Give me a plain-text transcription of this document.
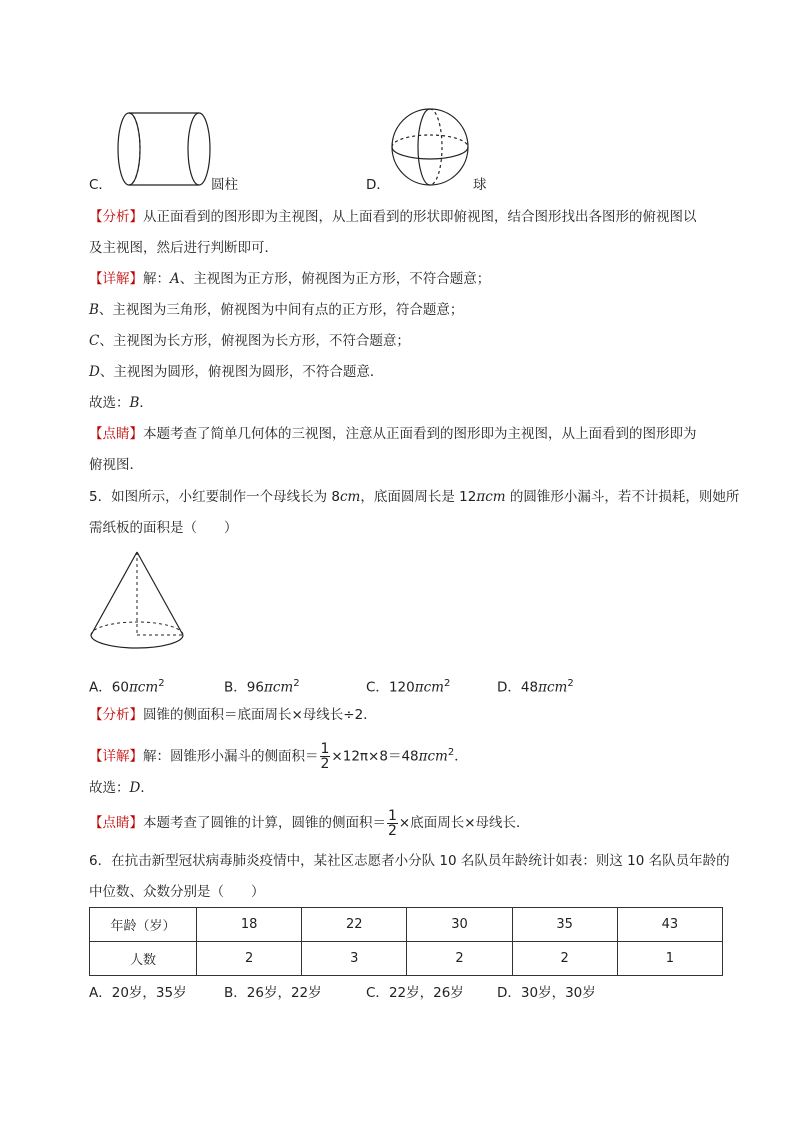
C．	圆柱	D．	球
【分析】从正面看到的图形即为主视图，从上面看到的形状即俯视图，结合图形找出各图形的俯视图以
及主视图，然后进行判断即可．
【详解】解：A、主视图为正方形，俯视图为正方形，不符合题意；
B、主视图为三角形，俯视图为中间有点的正方形，符合题意；
C、主视图为长方形，俯视图为长方形，不符合题意；
D、主视图为圆形，俯视图为圆形，不符合题意．
故选：B．
【点睛】本题考查了简单几何体的三视图，注意从正面看到的图形即为主视图，从上面看到的图形即为
俯视图．
5．如图所示，小红要制作一个母线长为 8cm，底面圆周长是 12πcm 的圆锥形小漏斗，若不计损耗，则她所
需纸板的面积是（　　）
A．60πcm$^2$	B．96πcm$^2$	C．120πcm$^2$	D．48πcm$^2$
【分析】圆锥的侧面积＝底面周长×母线长÷2．
【详解】解：圆锥形小漏斗的侧面积＝ $\frac{1}{2} \times 12\pi\times 8=48\pi cm^2$．
故选：D．
【点睛】本题考查了圆锥的计算，圆锥的侧面积＝ $\frac{1}{2}$ ×底面周长×母线长．
6．在抗击新型冠状病毒肺炎疫情中，某社区志愿者小分队 10 名队员年龄统计如表：则这 10 名队员年龄的
中位数、众数分别是（　　）
年龄（岁）	18	22	30	35	43
人数	2	3	2	2	1
A．20岁，35岁	B．26岁，22岁	C．22岁，26岁 D．30岁，30岁
